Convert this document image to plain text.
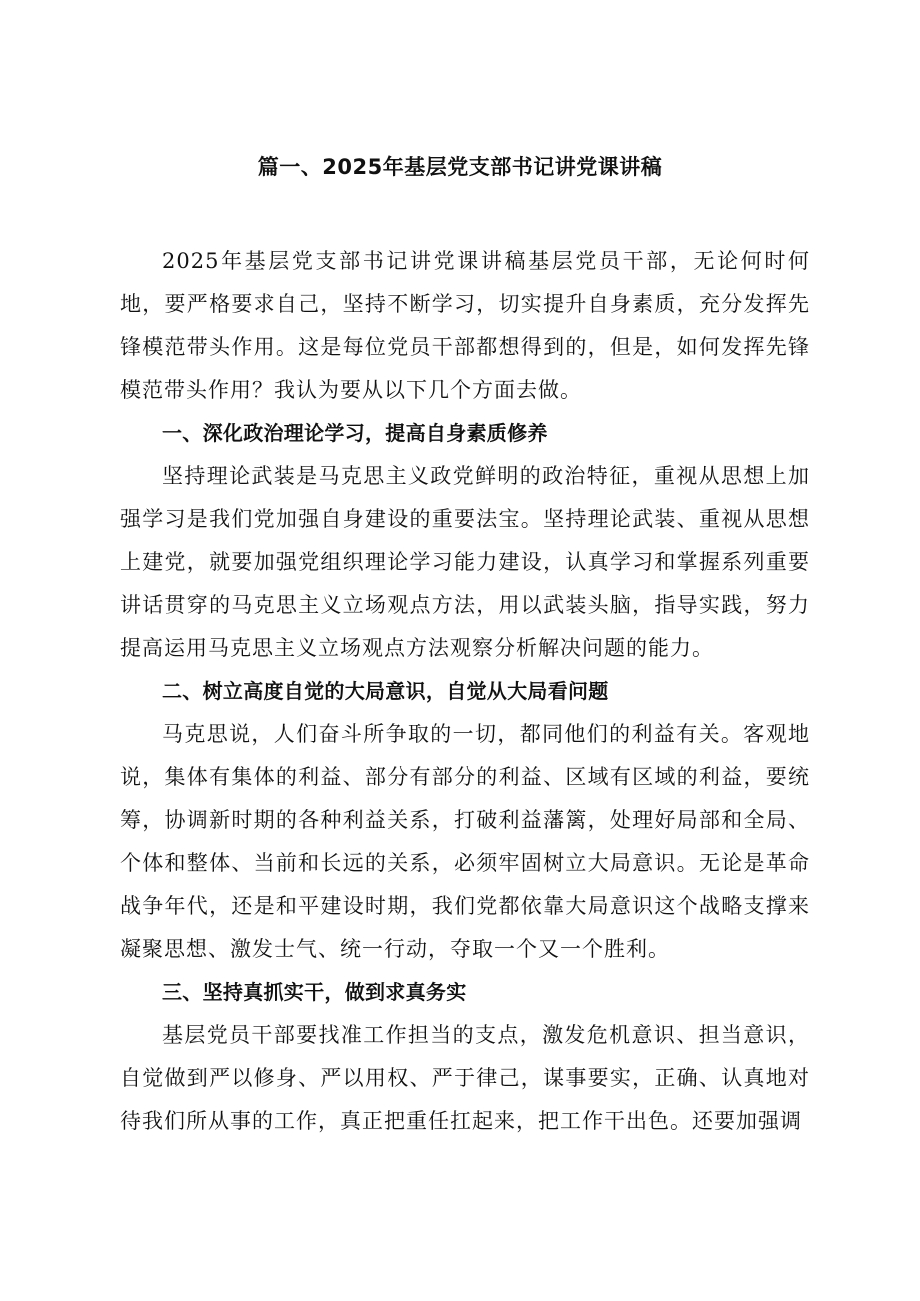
篇一、2025年基层党支部书记讲党课讲稿

2025年基层党支部书记讲党课讲稿基层党员干部，无论何时何地，要严格要求自己，坚持不断学习，切实提升自身素质，充分发挥先锋模范带头作用。这是每位党员干部都想得到的，但是，如何发挥先锋模范带头作用？我认为要从以下几个方面去做。

一、深化政治理论学习，提高自身素质修养

坚持理论武装是马克思主义政党鲜明的政治特征，重视从思想上加强学习是我们党加强自身建设的重要法宝。坚持理论武装、重视从思想上建党，就要加强党组织理论学习能力建设，认真学习和掌握系列重要讲话贯穿的马克思主义立场观点方法，用以武装头脑，指导实践，努力提高运用马克思主义立场观点方法观察分析解决问题的能力。

二、树立高度自觉的大局意识，自觉从大局看问题

马克思说，人们奋斗所争取的一切，都同他们的利益有关。客观地说，集体有集体的利益、部分有部分的利益、区域有区域的利益，要统筹，协调新时期的各种利益关系，打破利益藩篱，处理好局部和全局、个体和整体、当前和长远的关系，必须牢固树立大局意识。无论是革命战争年代，还是和平建设时期，我们党都依靠大局意识这个战略支撑来凝聚思想、激发士气、统一行动，夺取一个又一个胜利。

三、坚持真抓实干，做到求真务实

基层党员干部要找准工作担当的支点，激发危机意识、担当意识，自觉做到严以修身、严以用权、严于律己，谋事要实，正确、认真地对待我们所从事的工作，真正把重任扛起来，把工作干出色。还要加强调
